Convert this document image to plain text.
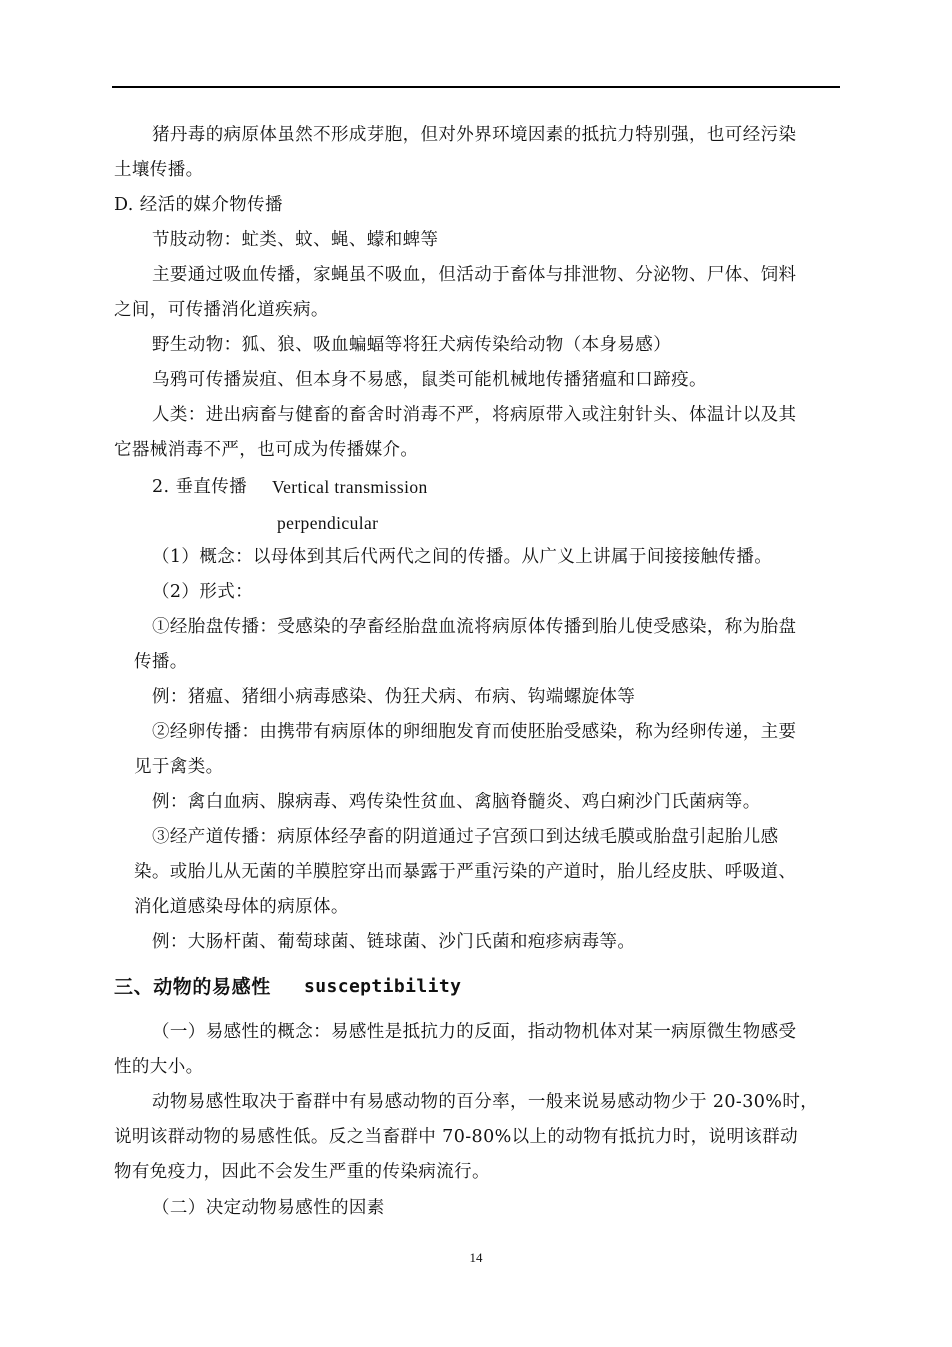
猪丹毒的病原体虽然不形成芽胞，但对外界环境因素的抵抗力特别强，也可经污染
土壤传播。
D. 经活的媒介物传播
节肢动物：虻类、蚊、蝇、蠓和蜱等
主要通过吸血传播，家蝇虽不吸血，但活动于畜体与排泄物、分泌物、尸体、饲料
之间，可传播消化道疾病。
野生动物：狐、狼、吸血蝙蝠等将狂犬病传染给动物（本身易感）
乌鸦可传播炭疽、但本身不易感，鼠类可能机械地传播猪瘟和口蹄疫。
人类：进出病畜与健畜的畜舍时消毒不严，将病原带入或注射针头、体温计以及其
它器械消毒不严，也可成为传播媒介。
2. 垂直传播 Vertical transmission
perpendicular
（1）概念：以母体到其后代两代之间的传播。从广义上讲属于间接接触传播。
（2）形式：
①经胎盘传播：受感染的孕畜经胎盘血流将病原体传播到胎儿使受感染，称为胎盘
传播。
例：猪瘟、猪细小病毒感染、伪狂犬病、布病、钩端螺旋体等
②经卵传播：由携带有病原体的卵细胞发育而使胚胎受感染，称为经卵传递，主要
见于禽类。
例：禽白血病、腺病毒、鸡传染性贫血、禽脑脊髓炎、鸡白痢沙门氏菌病等。
③经产道传播：病原体经孕畜的阴道通过子宫颈口到达绒毛膜或胎盘引起胎儿感
染。或胎儿从无菌的羊膜腔穿出而暴露于严重污染的产道时，胎儿经皮肤、呼吸道、
消化道感染母体的病原体。
例：大肠杆菌、葡萄球菌、链球菌、沙门氏菌和疱疹病毒等。
三、动物的易感性 susceptibility
（一）易感性的概念：易感性是抵抗力的反面，指动物机体对某一病原微生物感受
性的大小。
动物易感性取决于畜群中有易感动物的百分率，一般来说易感动物少于 20-30%时，
说明该群动物的易感性低。反之当畜群中 70-80%以上的动物有抵抗力时，说明该群动
物有免疫力，因此不会发生严重的传染病流行。
（二）决定动物易感性的因素
14
